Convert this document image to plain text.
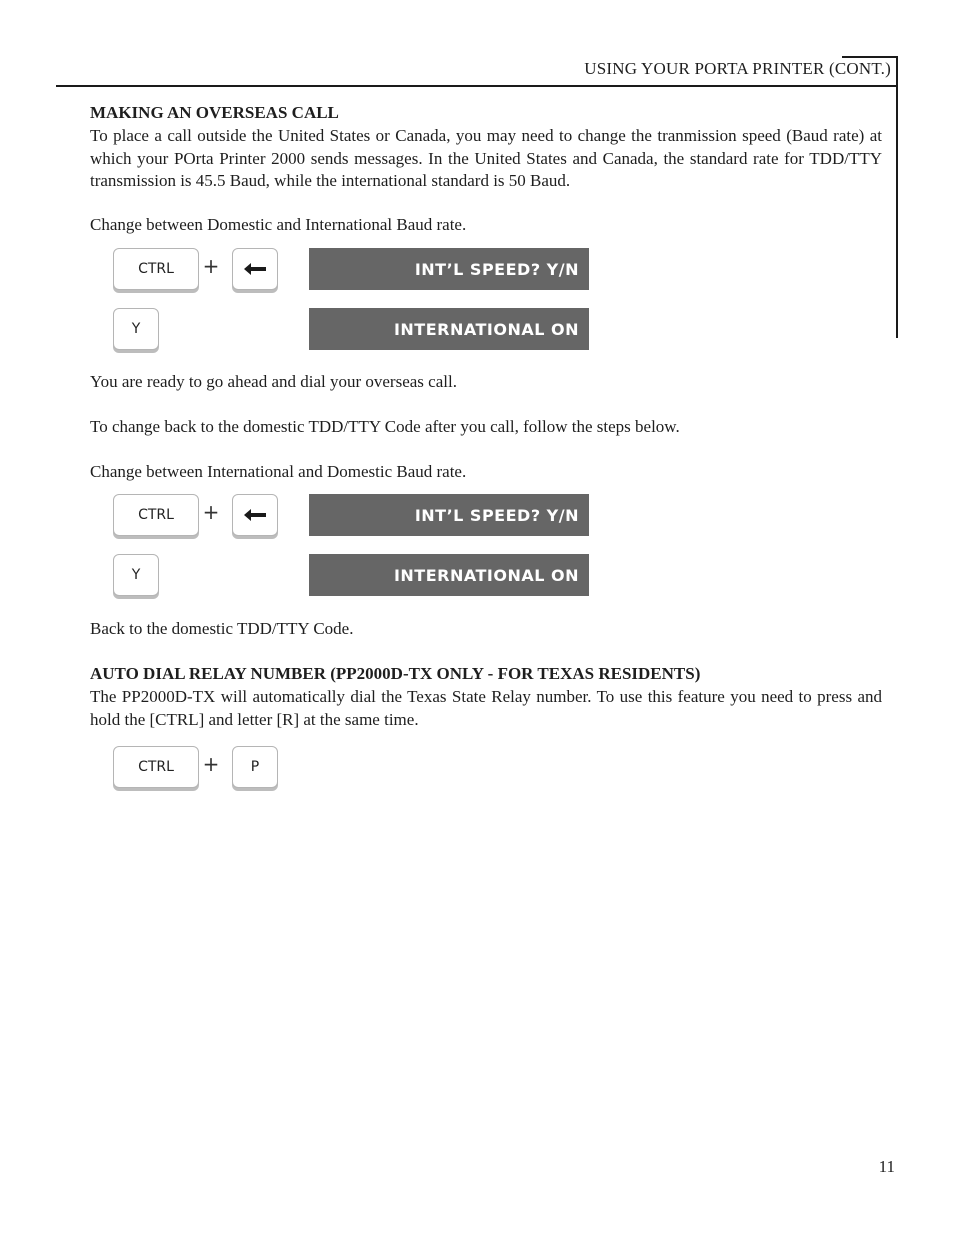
USING YOUR PORTA PRINTER (CONT.)
MAKING AN OVERSEAS CALL
To place a call outside the United States or Canada, you may need to change the tranmission speed (Baud rate) at which your POrta Printer 2000 sends messages. In the United States and Canada, the standard rate for TDD/TTY transmission is 45.5 Baud, while the international standard is 50 Baud.
Change between Domestic and International Baud rate.
CTRL	+	INT’L SPEED? Y/N
Y	INTERNATIONAL ON
You are ready to go ahead and dial your overseas call.
To change back to the domestic TDD/TTY Code after you call, follow the steps below.
Change between International and Domestic Baud rate.
CTRL	+	INT’L SPEED? Y/N
Y	INTERNATIONAL ON
Back to the domestic TDD/TTY Code.
AUTO DIAL RELAY NUMBER (PP2000D-TX ONLY - FOR TEXAS RESIDENTS)
The PP2000D-TX will automatically dial the Texas State Relay number. To use this feature you need to press and hold the [CTRL] and letter [R] at the same time.
CTRL	+	P
11
